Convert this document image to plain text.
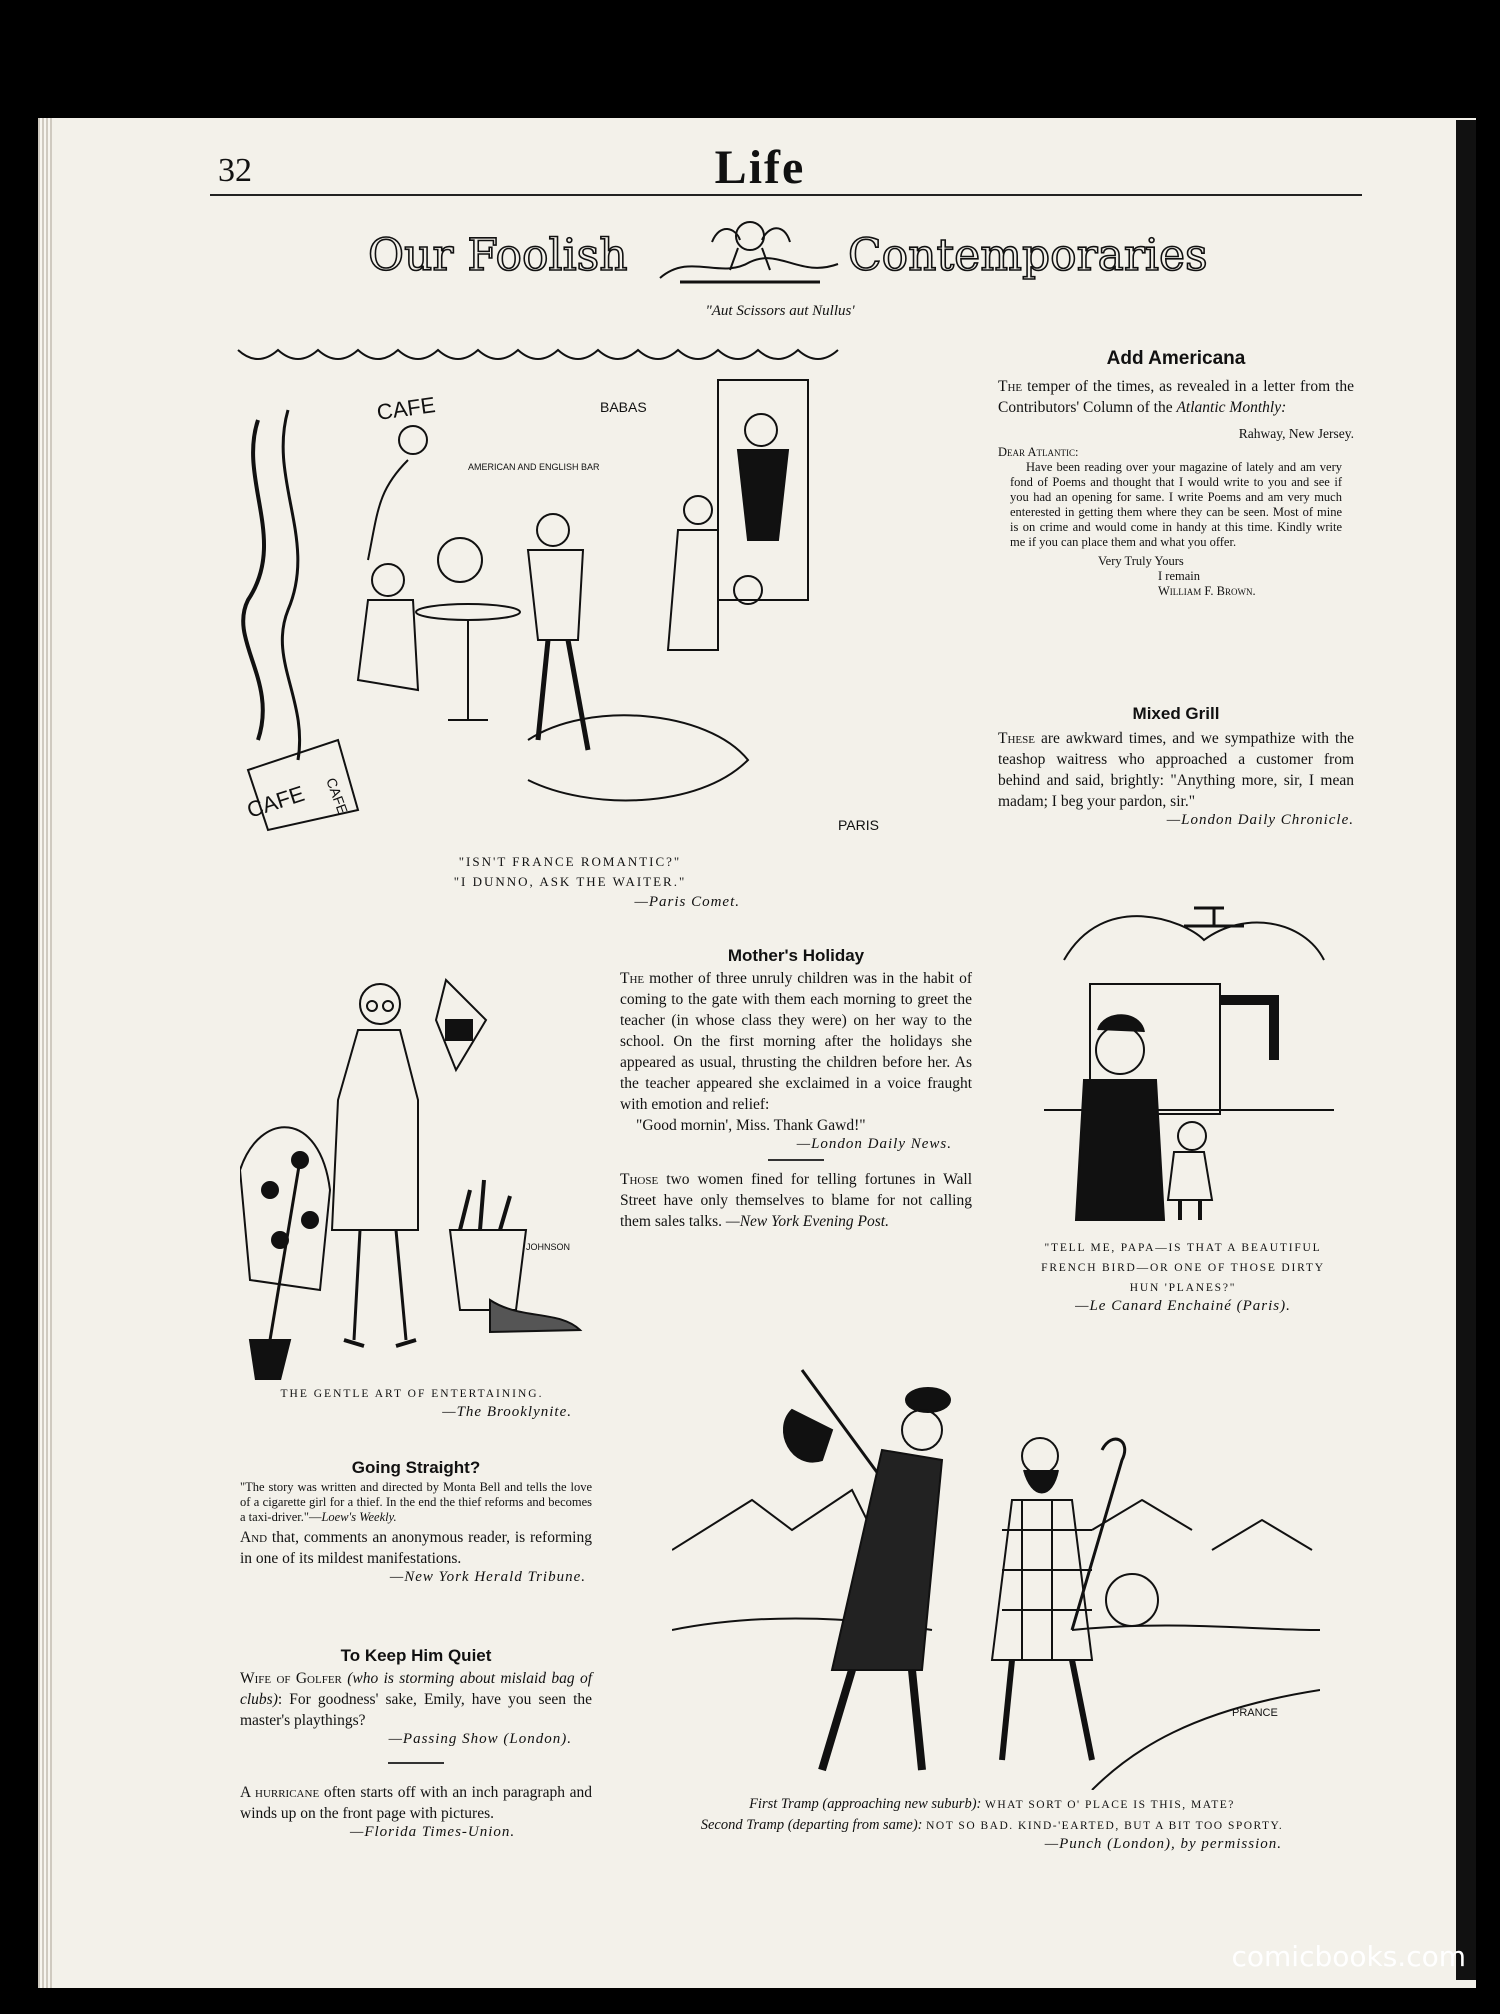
32	Life
Our Foolish	Contemporaries
"Aut Scissors aut Nullus'
CAFE	BABAS
AMERICAN AND ENGLISH BAR
CAFE CAFE
PARIS
"ISN'T FRANCE ROMANTIC?"
"I DUNNO, ASK THE WAITER."
—Paris Comet.
Add Americana
The temper of the times, as revealed in a letter from the Contributors' Column of the Atlantic Monthly:
Rahway, New Jersey.
Dear Atlantic:
Have been reading over your magazine of lately and am very fond of Poems and thought that I would write to you and see if you had an opening for same. I write Poems and am very much enterested in getting them where they can be seen. Most of mine is on crime and would come in handy at this time. Kindly write me if you can place them and what you offer.
Very Truly Yours
I remain
William F. Brown.
Mixed Grill
These are awkward times, and we sympathize with the teashop waitress who approached a customer from behind and said, brightly: "Anything more, sir, I mean madam; I beg your pardon, sir."
—London Daily Chronicle.
JOHNSON
THE GENTLE ART OF ENTERTAINING.
—The Brooklynite.
Mother's Holiday
The mother of three unruly children was in the habit of coming to the gate with them each morning to greet the teacher (in whose class they were) on her way to the school. On the first morning after the holidays she appeared as usual, thrusting the children before her. As the teacher appeared she exclaimed in a voice fraught with emotion and relief:
"Good mornin', Miss. Thank Gawd!"
—London Daily News.
Those two women fined for telling fortunes in Wall Street have only themselves to blame for not calling them sales talks. —New York Evening Post.
"TELL ME, PAPA—IS THAT A BEAUTIFUL FRENCH BIRD—OR ONE OF THOSE DIRTY HUN 'PLANES?"
—Le Canard Enchainé (Paris).
Going Straight?
"The story was written and directed by Monta Bell and tells the love of a cigarette girl for a thief. In the end the thief reforms and becomes a taxi-driver."—Loew's Weekly.
And that, comments an anonymous reader, is reforming in one of its mildest manifestations.
—New York Herald Tribune.
To Keep Him Quiet
Wife of Golfer (who is storming about mislaid bag of clubs): For goodness' sake, Emily, have you seen the master's playthings?
—Passing Show (London).
A hurricane often starts off with an inch paragraph and winds up on the front page with pictures.
—Florida Times-Union.
PRANCE
First Tramp (approaching new suburb): WHAT SORT O' PLACE IS THIS, MATE?
Second Tramp (departing from same): NOT SO BAD. KIND-'EARTED, BUT A BIT TOO SPORTY.
—Punch (London), by permission.
comicbooks.com
